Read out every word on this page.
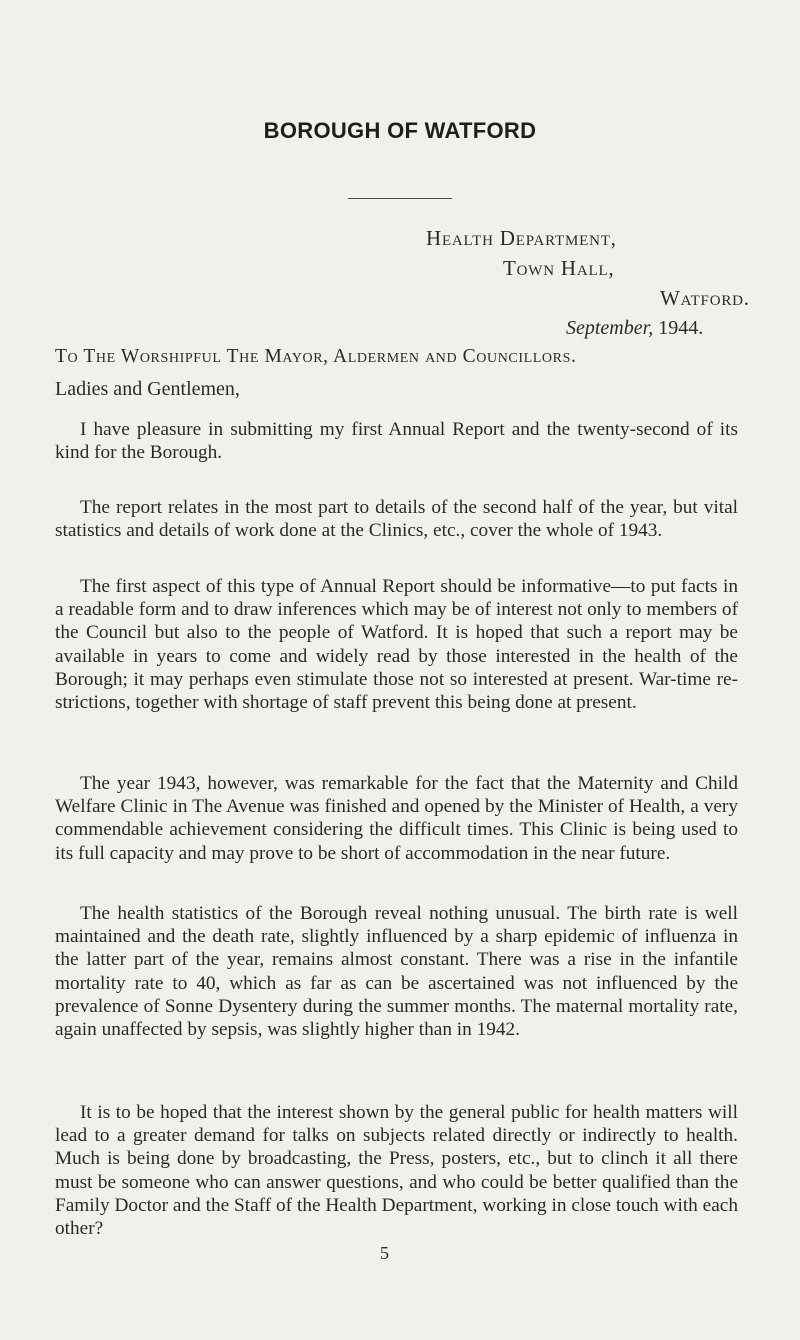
BOROUGH OF WATFORD
Health Department,
Town Hall,
Watford.
September, 1944.
To The Worshipful The Mayor, Aldermen and Councillors.
Ladies and Gentlemen,

I have pleasure in submitting my first Annual Report and the twenty-second of its kind for the Borough.

The report relates in the most part to details of the second half of the year, but vital statistics and details of work done at the Clinics, etc., cover the whole of 1943.

The first aspect of this type of Annual Report should be informative—to put facts in a readable form and to draw inferences which may be of interest not only to members of the Council but also to the people of Watford. It is hoped that such a report may be available in years to come and widely read by those interested in the health of the Borough; it may perhaps even stimulate those not so interested at present. War-time restrictions, together with shortage of staff prevent this being done at present.

The year 1943, however, was remarkable for the fact that the Maternity and Child Welfare Clinic in The Avenue was finished and opened by the Minister of Health, a very commendable achievement considering the difficult times. This Clinic is being used to its full capacity and may prove to be short of accommodation in the near future.

The health statistics of the Borough reveal nothing unusual. The birth rate is well maintained and the death rate, slightly influenced by a sharp epidemic of influenza in the latter part of the year, remains almost constant. There was a rise in the infantile mortality rate to 40, which as far as can be ascertained was not influenced by the prevalence of Sonne Dysentery during the summer months. The maternal mortality rate, again unaffected by sepsis, was slightly higher than in 1942.

It is to be hoped that the interest shown by the general public for health matters will lead to a greater demand for talks on subjects related directly or indirectly to health. Much is being done by broadcasting, the Press, posters, etc., but to clinch it all there must be someone who can answer questions, and who could be better qualified than the Family Doctor and the Staff of the Health Department, working in close touch with each other?

5
